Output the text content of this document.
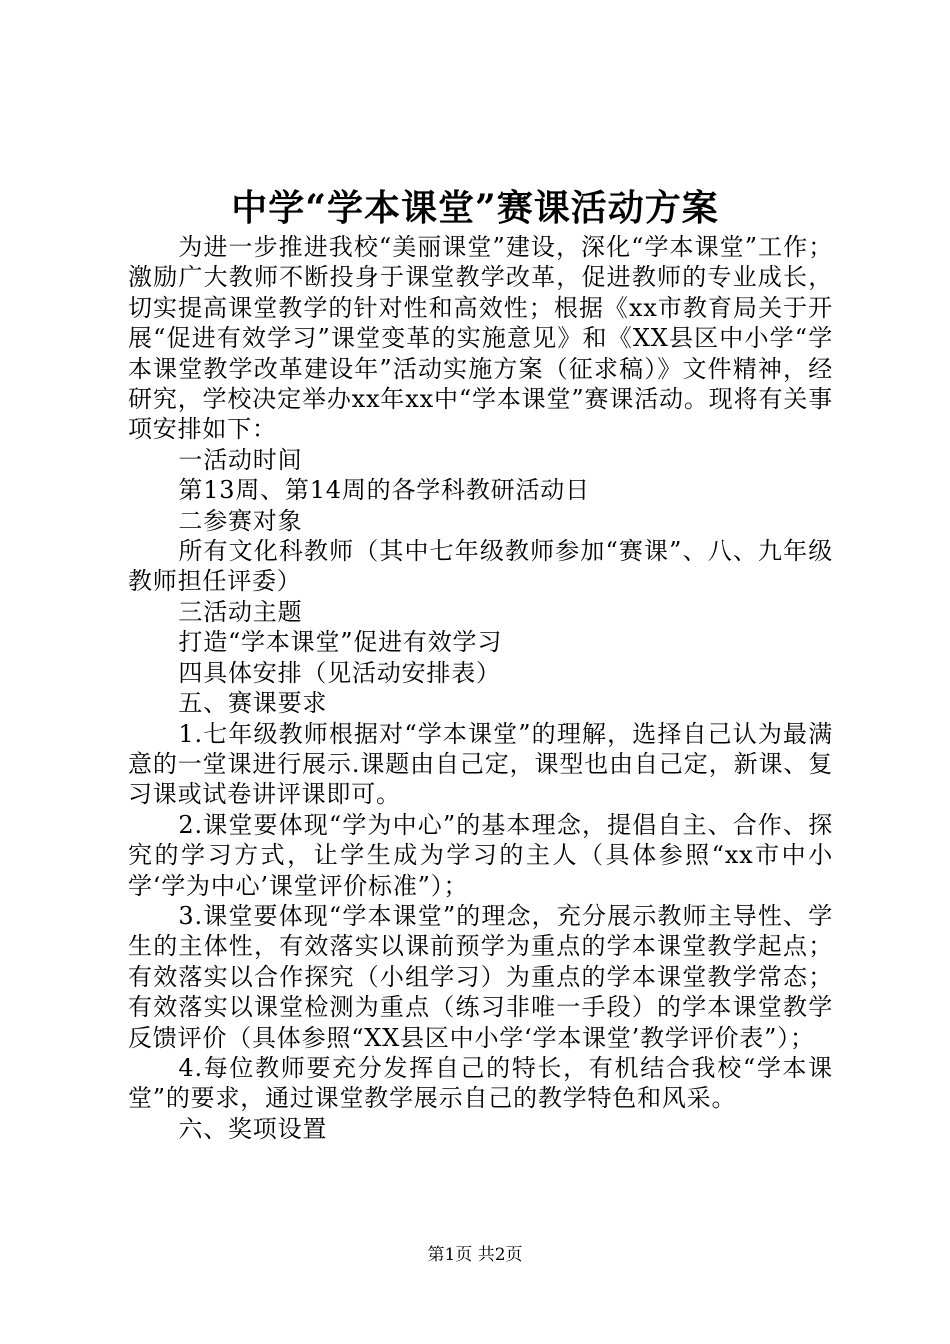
中学“学本课堂”赛课活动方案

为进一步推进我校“美丽课堂”建设，深化“学本课堂”工作；激励广大教师不断投身于课堂教学改革，促进教师的专业成长，切实提高课堂教学的针对性和高效性；根据《xx市教育局关于开展“促进有效学习”课堂变革的实施意见》和《XX县区中小学“学本课堂教学改革建设年”活动实施方案（征求稿）》文件精神，经研究，学校决定举办xx年xx中“学本课堂”赛课活动。现将有关事项安排如下：

一活动时间

第13周、第14周的各学科教研活动日

二参赛对象

所有文化科教师（其中七年级教师参加“赛课”、八、九年级教师担任评委）

三活动主题

打造“学本课堂”促进有效学习

四具体安排（见活动安排表）

五、赛课要求

1.七年级教师根据对“学本课堂”的理解，选择自己认为最满意的一堂课进行展示.课题由自己定，课型也由自己定，新课、复习课或试卷讲评课即可。

2.课堂要体现“学为中心”的基本理念，提倡自主、合作、探究的学习方式，让学生成为学习的主人（具体参照“xx市中小学‘学为中心’课堂评价标准”）；

3.课堂要体现“学本课堂”的理念，充分展示教师主导性、学生的主体性，有效落实以课前预学为重点的学本课堂教学起点；有效落实以合作探究（小组学习）为重点的学本课堂教学常态；有效落实以课堂检测为重点（练习非唯一手段）的学本课堂教学反馈评价（具体参照“XX县区中小学‘学本课堂’教学评价表”）；

4.每位教师要充分发挥自己的特长，有机结合我校“学本课堂”的要求，通过课堂教学展示自己的教学特色和风采。

六、奖项设置

第1页 共2页
